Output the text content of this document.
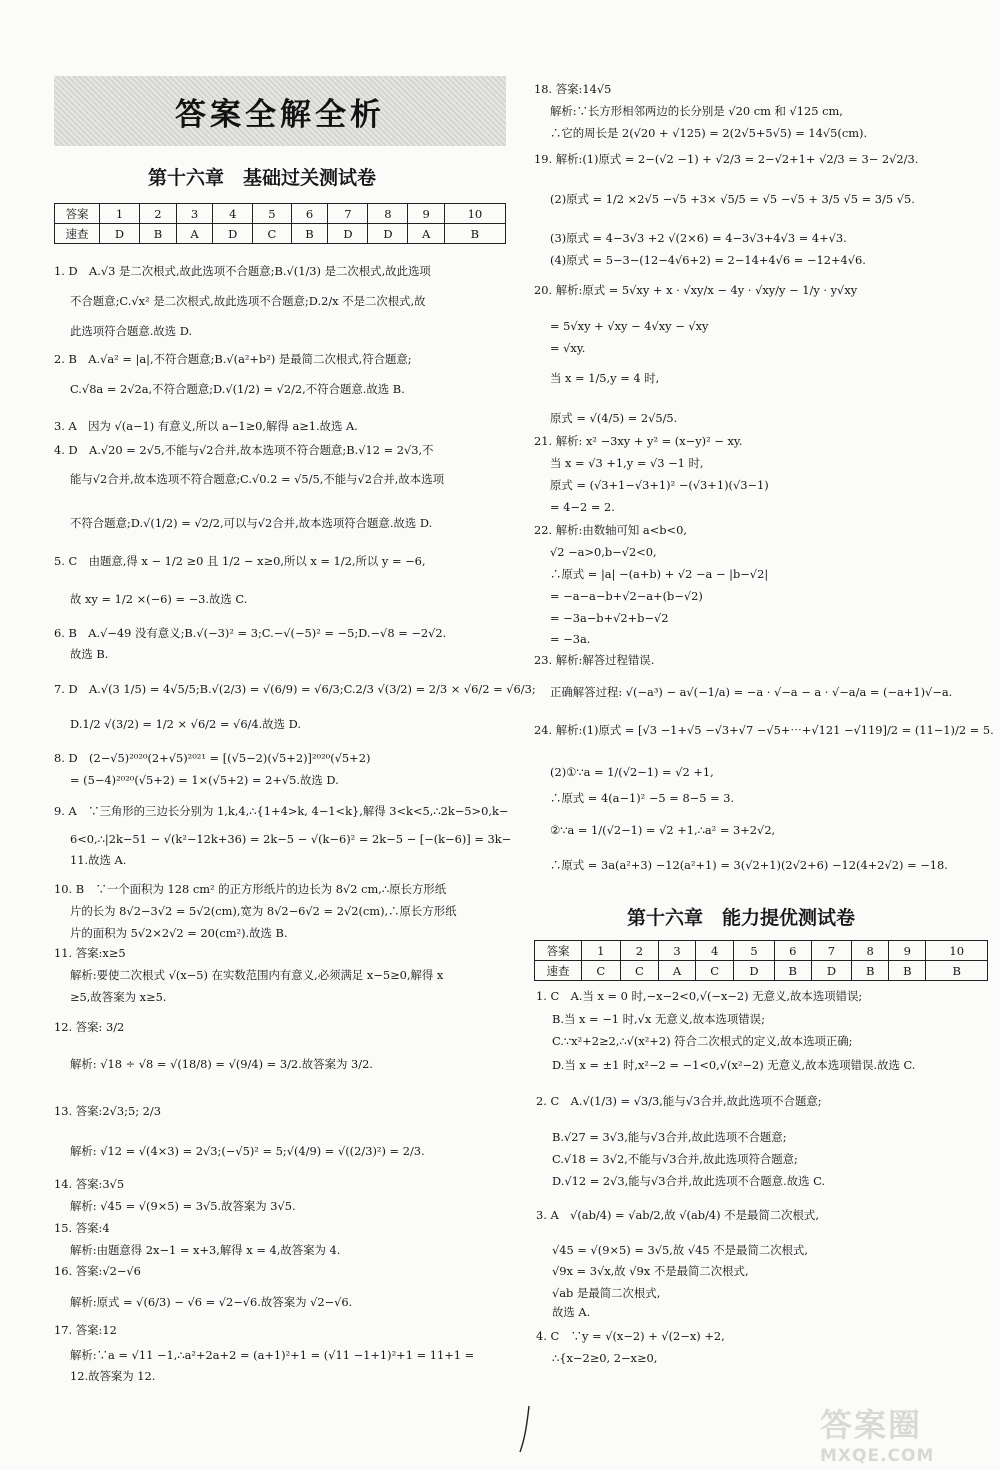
答案全解全析
第十六章　基础过关测试卷
答案	1	2	3	4	5	6	7	8	9	10
速查	D	B	A	D	C	B	D	D	A	B
1. D　A.√3 是二次根式,故此选项不合题意;B.√(1/3) 是二次根式,故此选项
不合题意;C.√x² 是二次根式,故此选项不合题意;D.2/x 不是二次根式,故
此选项符合题意.故选 D.
2. B　A.√a² = |a|,不符合题意;B.√(a²+b²) 是最简二次根式,符合题意;
C.√8a = 2√2a,不符合题意;D.√(1/2) = √2/2,不符合题意.故选 B.
3. A　因为 √(a−1) 有意义,所以 a−1≥0,解得 a≥1.故选 A.
4. D　A.√20 = 2√5,不能与√2合并,故本选项不符合题意;B.√12 = 2√3,不
能与√2合并,故本选项不符合题意;C.√0.2 = √5/5,不能与√2合并,故本选项
不符合题意;D.√(1/2) = √2/2,可以与√2合并,故本选项符合题意.故选 D.
5. C　由题意,得 x − 1/2 ≥0 且 1/2 − x≥0,所以 x = 1/2,所以 y = −6,
故 xy = 1/2 ×(−6) = −3.故选 C.
6. B　A.√−49 没有意义;B.√(−3)² = 3;C.−√(−5)² = −5;D.−√8 = −2√2.
故选 B.
7. D　A.√(3 1/5) = 4√5/5;B.√(2/3) = √(6/9) = √6/3;C.2/3 √(3/2) = 2/3 × √6/2 = √6/3;
D.1/2 √(3/2) = 1/2 × √6/2 = √6/4.故选 D.
8. D　(2−√5)²⁰²⁰(2+√5)²⁰²¹ = [(√5−2)(√5+2)]²⁰²⁰(√5+2)
= (5−4)²⁰²⁰(√5+2) = 1×(√5+2) = 2+√5.故选 D.
9. A　∵三角形的三边长分别为 1,k,4,∴{1+4>k, 4−1<k},解得 3<k<5,∴2k−5>0,k−
6<0,∴|2k−51 − √(k²−12k+36) = 2k−5 − √(k−6)² = 2k−5 − [−(k−6)] = 3k−
11.故选 A.
10. B　∵一个面积为 128 cm² 的正方形纸片的边长为 8√2 cm,∴原长方形纸
片的长为 8√2−3√2 = 5√2(cm),宽为 8√2−6√2 = 2√2(cm),∴原长方形纸
片的面积为 5√2×2√2 = 20(cm²).故选 B.
11. 答案:x≥5
解析:要使二次根式 √(x−5) 在实数范围内有意义,必须满足 x−5≥0,解得 x
≥5,故答案为 x≥5.
12. 答案: 3/2
解析: √18 ÷ √8 = √(18/8) = √(9/4) = 3/2.故答案为 3/2.
13. 答案:2√3;5; 2/3
解析: √12 = √(4×3) = 2√3;(−√5)² = 5;√(4/9) = √((2/3)²) = 2/3.
14. 答案:3√5
解析: √45 = √(9×5) = 3√5.故答案为 3√5.
15. 答案:4
解析:由题意得 2x−1 = x+3,解得 x = 4,故答案为 4.
16. 答案:√2−√6
解析:原式 = √(6/3) − √6 = √2−√6.故答案为 √2−√6.
17. 答案:12
解析:∵a = √11 −1,∴a²+2a+2 = (a+1)²+1 = (√11 −1+1)²+1 = 11+1 =
12.故答案为 12.
18. 答案:14√5
解析:∵长方形相邻两边的长分别是 √20 cm 和 √125 cm,
∴它的周长是 2(√20 + √125) = 2(2√5+5√5) = 14√5(cm).
19. 解析:(1)原式 = 2−(√2 −1) + √2/3 = 2−√2+1+ √2/3 = 3− 2√2/3.
(2)原式 = 1/2 ×2√5 −√5 +3× √5/5 = √5 −√5 + 3/5 √5 = 3/5 √5.
(3)原式 = 4−3√3 +2 √(2×6) = 4−3√3+4√3 = 4+√3.
(4)原式 = 5−3−(12−4√6+2) = 2−14+4√6 = −12+4√6.
20. 解析:原式 = 5√xy + x · √xy/x − 4y · √xy/y − 1/y · y√xy
= 5√xy + √xy − 4√xy − √xy
= √xy.
当 x = 1/5,y = 4 时,
原式 = √(4/5) = 2√5/5.
21. 解析: x² −3xy + y² = (x−y)² − xy.
当 x = √3 +1,y = √3 −1 时,
原式 = (√3+1−√3+1)² −(√3+1)(√3−1)
= 4−2 = 2.
22. 解析:由数轴可知 a<b<0,
√2 −a>0,b−√2<0,
∴原式 = |a| −(a+b) + √2 −a − |b−√2|
= −a−a−b+√2−a+(b−√2)
= −3a−b+√2+b−√2
= −3a.
23. 解析:解答过程错误.
正确解答过程: √(−a³) − a√(−1/a) = −a · √−a − a · √−a/a = (−a+1)√−a.
24. 解析:(1)原式 = [√3 −1+√5 −√3+√7 −√5+⋯+√121 −√119]/2 = (11−1)/2 = 5.
(2)①∵a = 1/(√2−1) = √2 +1,
∴原式 = 4(a−1)² −5 = 8−5 = 3.
②∵a = 1/(√2−1) = √2 +1,∴a² = 3+2√2,
∴原式 = 3a(a²+3) −12(a²+1) = 3(√2+1)(2√2+6) −12(4+2√2) = −18.
第十六章　能力提优测试卷
答案	1	2	3	4	5	6	7	8	9	10
速查	C	C	A	C	D	B	D	B	B	B
1. C　A.当 x = 0 时,−x−2<0,√(−x−2) 无意义,故本选项错误;
B.当 x = −1 时,√x 无意义,故本选项错误;
C.∵x²+2≥2,∴√(x²+2) 符合二次根式的定义,故本选项正确;
D.当 x = ±1 时,x²−2 = −1<0,√(x²−2) 无意义,故本选项错误.故选 C.
2. C　A.√(1/3) = √3/3,能与√3合并,故此选项不合题意;
B.√27 = 3√3,能与√3合并,故此选项不合题意;
C.√18 = 3√2,不能与√3合并,故此选项符合题意;
D.√12 = 2√3,能与√3合并,故此选项不合题意.故选 C.
3. A　√(ab/4) = √ab/2,故 √(ab/4) 不是最简二次根式,
√45 = √(9×5) = 3√5,故 √45 不是最简二次根式,
√9x = 3√x,故 √9x 不是最简二次根式,
√ab 是最简二次根式,
故选 A.
4. C　∵y = √(x−2) + √(2−x) +2,
∴{x−2≥0, 2−x≥0,
答案圈
MXQE.COM
